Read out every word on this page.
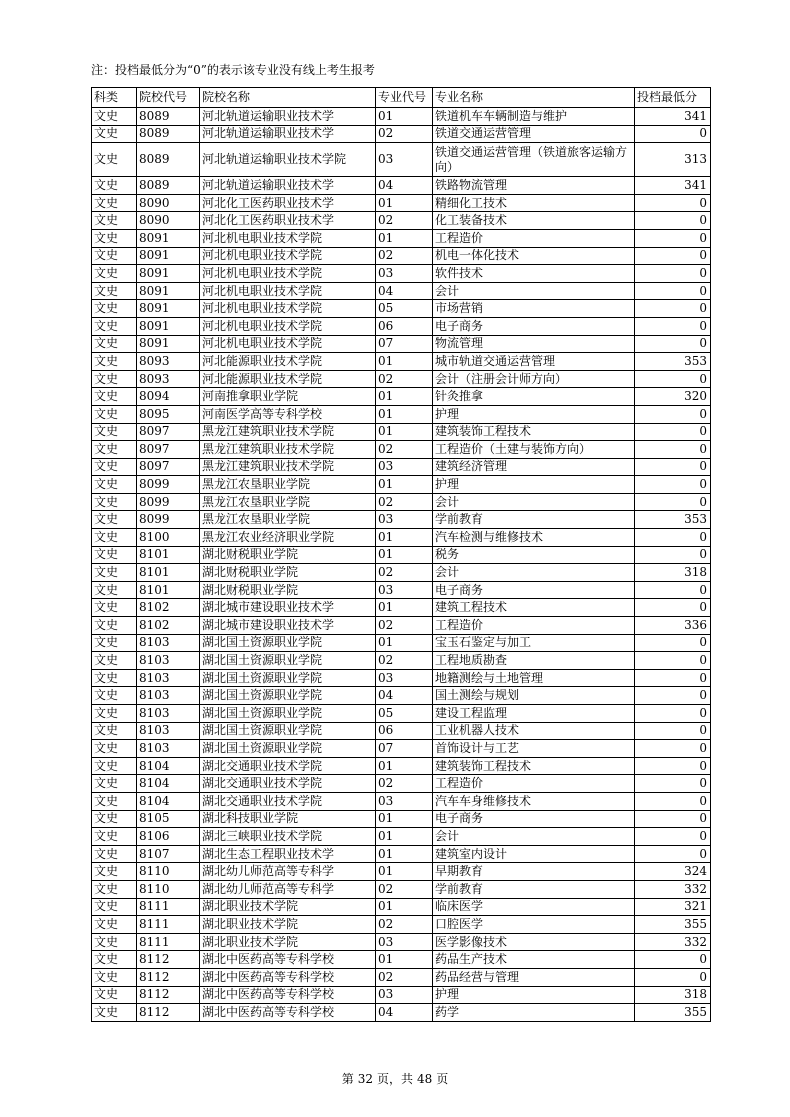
注：投档最低分为“0”的表示该专业没有线上考生报考
科类	院校代号	院校名称	专业代号	专业名称	投档最低分
文史	8089	河北轨道运输职业技术学	01	铁道机车车辆制造与维护	341
文史	8089	河北轨道运输职业技术学	02	铁道交通运营管理	0
文史	8089	河北轨道运输职业技术学院	03	铁道交通运营管理（铁道旅客运输方向）	313
文史	8089	河北轨道运输职业技术学	04	铁路物流管理	341
文史	8090	河北化工医药职业技术学	01	精细化工技术	0
文史	8090	河北化工医药职业技术学	02	化工装备技术	0
文史	8091	河北机电职业技术学院	01	工程造价	0
文史	8091	河北机电职业技术学院	02	机电一体化技术	0
文史	8091	河北机电职业技术学院	03	软件技术	0
文史	8091	河北机电职业技术学院	04	会计	0
文史	8091	河北机电职业技术学院	05	市场营销	0
文史	8091	河北机电职业技术学院	06	电子商务	0
文史	8091	河北机电职业技术学院	07	物流管理	0
文史	8093	河北能源职业技术学院	01	城市轨道交通运营管理	353
文史	8093	河北能源职业技术学院	02	会计（注册会计师方向）	0
文史	8094	河南推拿职业学院	01	针灸推拿	320
文史	8095	河南医学高等专科学校	01	护理	0
文史	8097	黑龙江建筑职业技术学院	01	建筑装饰工程技术	0
文史	8097	黑龙江建筑职业技术学院	02	工程造价（土建与装饰方向）	0
文史	8097	黑龙江建筑职业技术学院	03	建筑经济管理	0
文史	8099	黑龙江农垦职业学院	01	护理	0
文史	8099	黑龙江农垦职业学院	02	会计	0
文史	8099	黑龙江农垦职业学院	03	学前教育	353
文史	8100	黑龙江农业经济职业学院	01	汽车检测与维修技术	0
文史	8101	湖北财税职业学院	01	税务	0
文史	8101	湖北财税职业学院	02	会计	318
文史	8101	湖北财税职业学院	03	电子商务	0
文史	8102	湖北城市建设职业技术学	01	建筑工程技术	0
文史	8102	湖北城市建设职业技术学	02	工程造价	336
文史	8103	湖北国土资源职业学院	01	宝玉石鉴定与加工	0
文史	8103	湖北国土资源职业学院	02	工程地质勘查	0
文史	8103	湖北国土资源职业学院	03	地籍测绘与土地管理	0
文史	8103	湖北国土资源职业学院	04	国土测绘与规划	0
文史	8103	湖北国土资源职业学院	05	建设工程监理	0
文史	8103	湖北国土资源职业学院	06	工业机器人技术	0
文史	8103	湖北国土资源职业学院	07	首饰设计与工艺	0
文史	8104	湖北交通职业技术学院	01	建筑装饰工程技术	0
文史	8104	湖北交通职业技术学院	02	工程造价	0
文史	8104	湖北交通职业技术学院	03	汽车车身维修技术	0
文史	8105	湖北科技职业学院	01	电子商务	0
文史	8106	湖北三峡职业技术学院	01	会计	0
文史	8107	湖北生态工程职业技术学	01	建筑室内设计	0
文史	8110	湖北幼儿师范高等专科学	01	早期教育	324
文史	8110	湖北幼儿师范高等专科学	02	学前教育	332
文史	8111	湖北职业技术学院	01	临床医学	321
文史	8111	湖北职业技术学院	02	口腔医学	355
文史	8111	湖北职业技术学院	03	医学影像技术	332
文史	8112	湖北中医药高等专科学校	01	药品生产技术	0
文史	8112	湖北中医药高等专科学校	02	药品经营与管理	0
文史	8112	湖北中医药高等专科学校	03	护理	318
文史	8112	湖北中医药高等专科学校	04	药学	355
第 32 页，共 48 页
